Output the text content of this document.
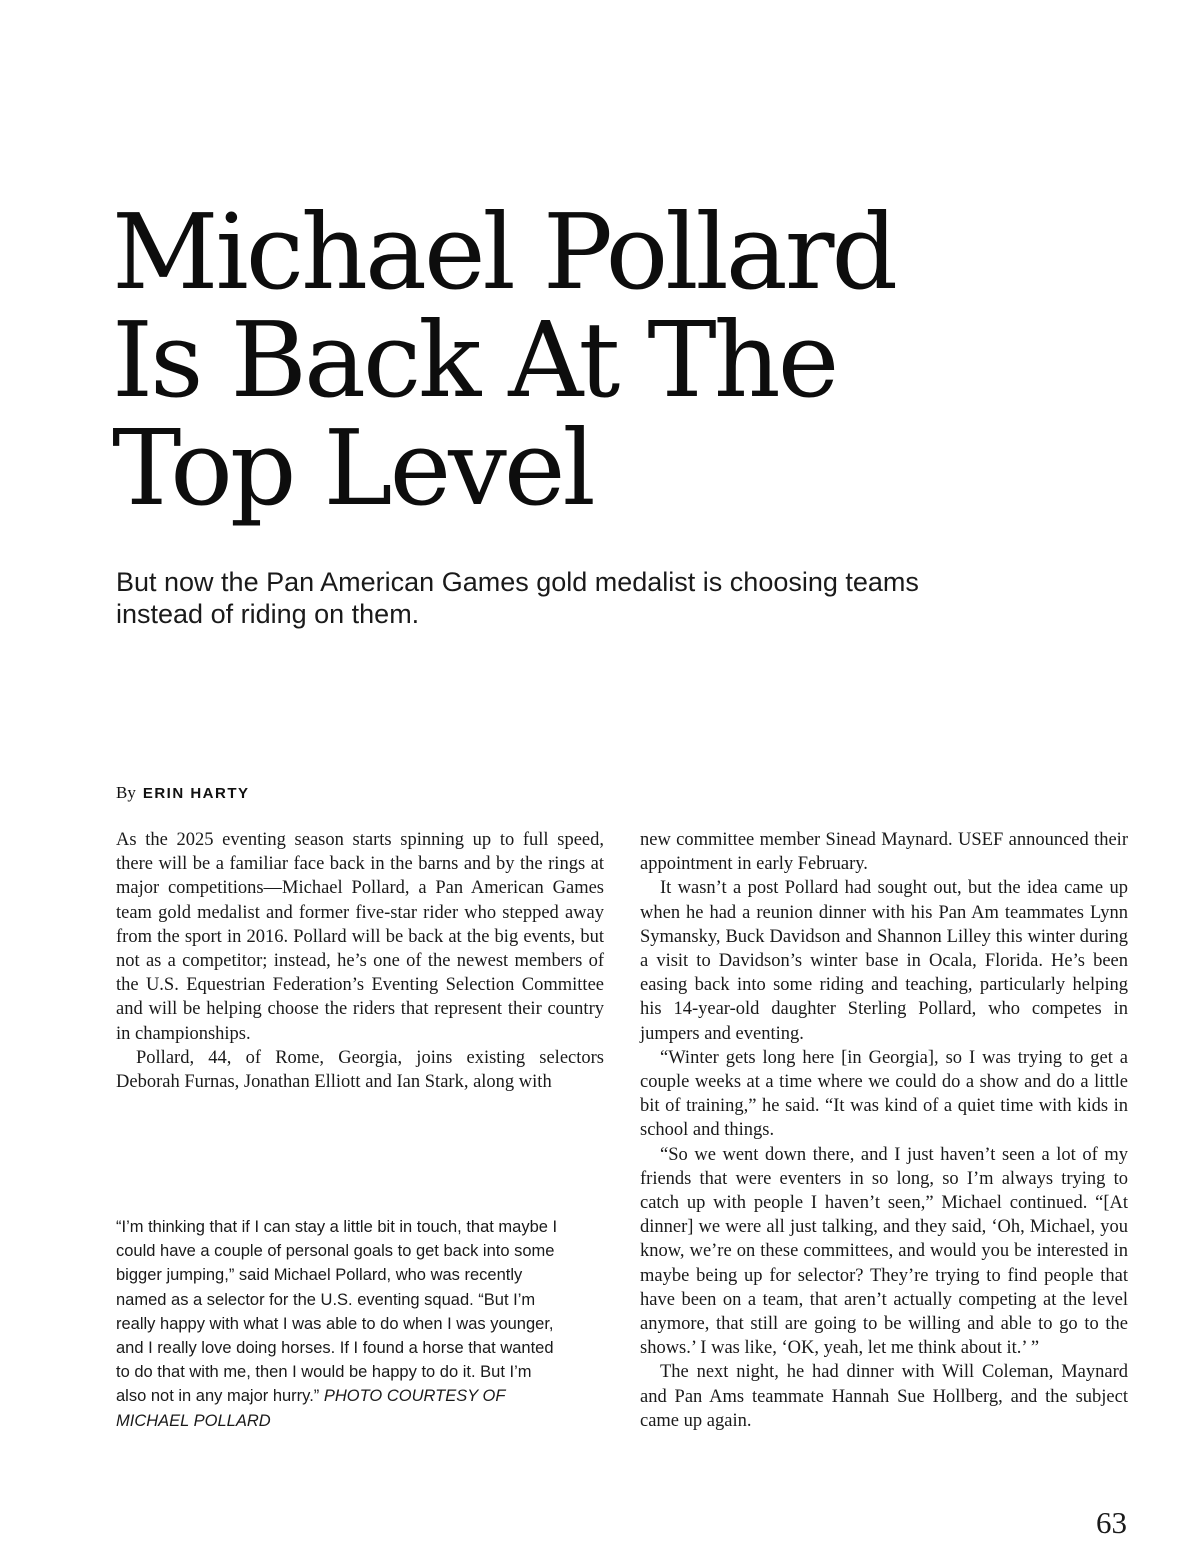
Michael Pollard
Is Back At The
Top Level

But now the Pan American Games gold medalist is choosing teams instead of riding on them.

By ERIN HARTY

As the 2025 eventing season starts spinning up to full speed, there will be a familiar face back in the barns and by the rings at major competitions—Michael Pollard, a Pan American Games team gold medalist and former five-star rider who stepped away from the sport in 2016. Pollard will be back at the big events, but not as a competitor; instead, he’s one of the newest members of the U.S. Equestrian Federation’s Eventing Selection Committee and will be helping choose the riders that represent their country in championships.

Pollard, 44, of Rome, Georgia, joins existing selectors Deborah Furnas, Jonathan Elliott and Ian Stark, along with

“I’m thinking that if I can stay a little bit in touch, that maybe I could have a couple of personal goals to get back into some bigger jumping,” said Michael Pollard, who was recently named as a selector for the U.S. eventing squad. “But I’m really happy with what I was able to do when I was younger, and I really love doing horses. If I found a horse that wanted to do that with me, then I would be happy to do it. But I’m also not in any major hurry.” PHOTO COURTESY OF MICHAEL POLLARD

new committee member Sinead Maynard. USEF announced their appointment in early February.

It wasn’t a post Pollard had sought out, but the idea came up when he had a reunion dinner with his Pan Am teammates Lynn Symansky, Buck Davidson and Shannon Lilley this winter during a visit to Davidson’s winter base in Ocala, Florida. He’s been easing back into some riding and teaching, particularly helping his 14-year-old daughter Sterling Pollard, who competes in jumpers and eventing.

“Winter gets long here [in Georgia], so I was trying to get a couple weeks at a time where we could do a show and do a little bit of training,” he said. “It was kind of a quiet time with kids in school and things.

“So we went down there, and I just haven’t seen a lot of my friends that were eventers in so long, so I’m always trying to catch up with people I haven’t seen,” Michael continued. “[At dinner] we were all just talking, and they said, ‘Oh, Michael, you know, we’re on these committees, and would you be interested in maybe being up for selector? They’re trying to find people that have been on a team, that aren’t actually competing at the level anymore, that still are going to be willing and able to go to the shows.’ I was like, ‘OK, yeah, let me think about it.’ ”

The next night, he had dinner with Will Coleman, Maynard and Pan Ams teammate Hannah Sue Hollberg, and the subject came up again.

63
